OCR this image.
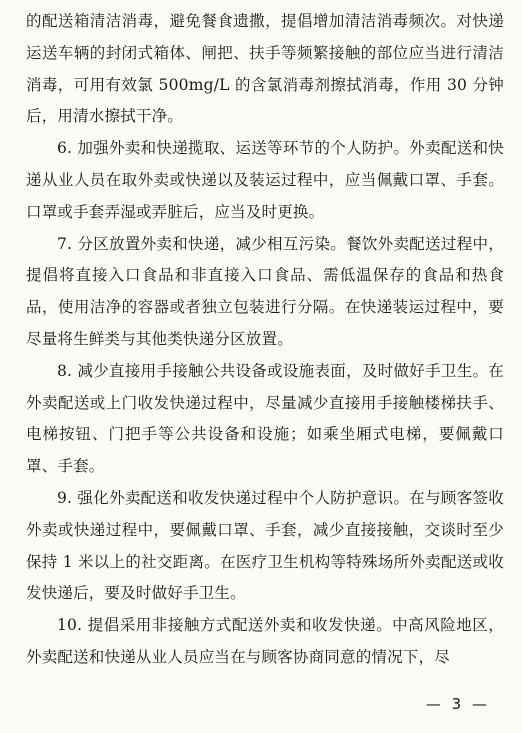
的配送箱清洁消毒，避免餐食遗撒，提倡增加清洁消毒频次。对快递运送车辆的封闭式箱体、闸把、扶手等频繁接触的部位应当进行清洁消毒，可用有效氯 500mg/L 的含氯消毒剂擦拭消毒，作用 30 分钟后，用清水擦拭干净。

6. 加强外卖和快递揽取、运送等环节的个人防护。外卖配送和快递从业人员在取外卖或快递以及装运过程中，应当佩戴口罩、手套。口罩或手套弄湿或弄脏后，应当及时更换。

7. 分区放置外卖和快递，减少相互污染。餐饮外卖配送过程中，提倡将直接入口食品和非直接入口食品、需低温保存的食品和热食品，使用洁净的容器或者独立包装进行分隔。在快递装运过程中，要尽量将生鲜类与其他类快递分区放置。

8. 减少直接用手接触公共设备或设施表面，及时做好手卫生。在外卖配送或上门收发快递过程中，尽量减少直接用手接触楼梯扶手、电梯按钮、门把手等公共设备和设施；如乘坐厢式电梯，要佩戴口罩、手套。

9. 强化外卖配送和收发快递过程中个人防护意识。在与顾客签收外卖或快递过程中，要佩戴口罩、手套，减少直接接触，交谈时至少保持 1 米以上的社交距离。在医疗卫生机构等特殊场所外卖配送或收发快递后，要及时做好手卫生。

10. 提倡采用非接触方式配送外卖和收发快递。中高风险地区，外卖配送和快递从业人员应当在与顾客协商同意的情况下，尽

— 3 —
